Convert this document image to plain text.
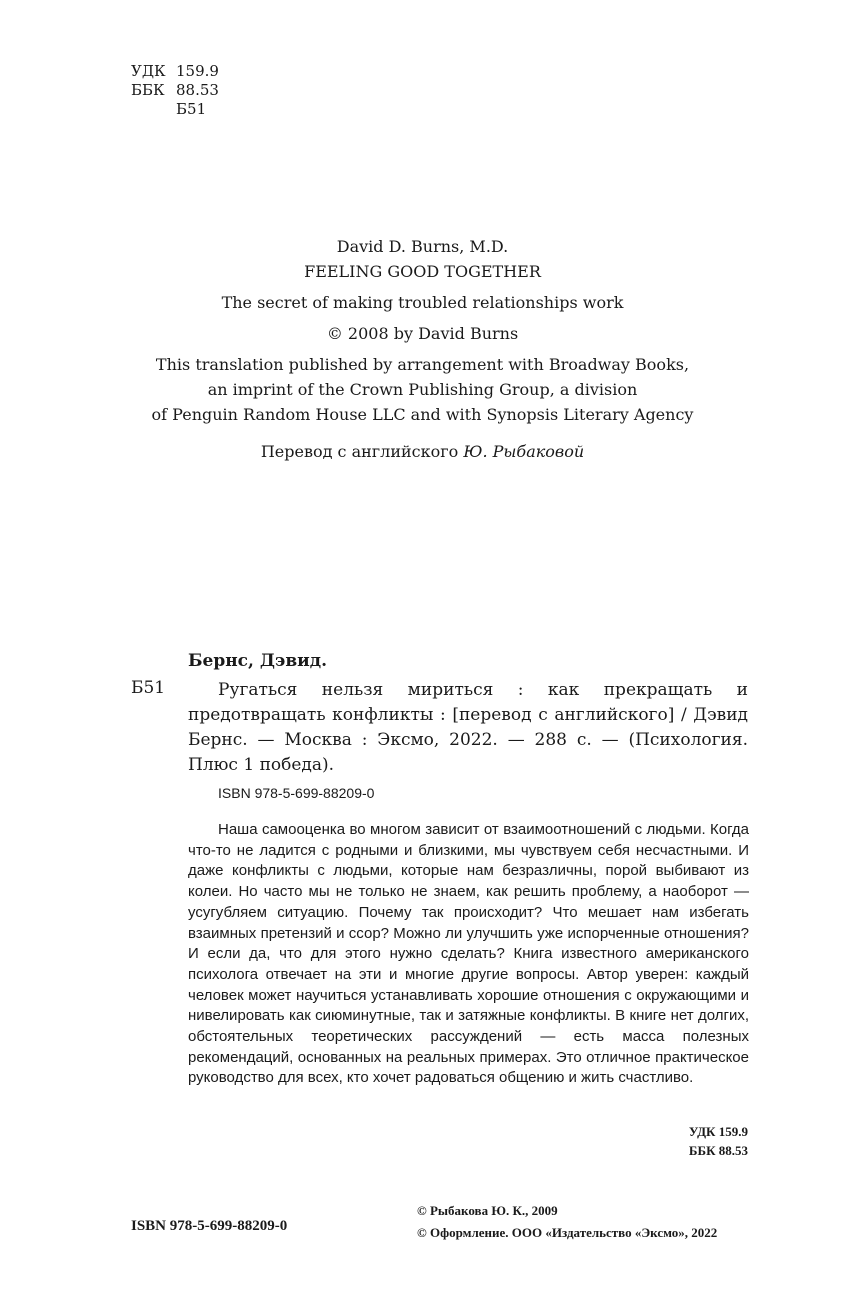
УДК 159.9
ББК 88.53
Б51
David D. Burns, M.D.
FEELING GOOD TOGETHER
The secret of making troubled relationships work
© 2008 by David Burns
This translation published by arrangement with Broadway Books,
an imprint of the Crown Publishing Group, a division
of Penguin Random House LLC and with Synopsis Literary Agency
Перевод с английского Ю. Рыбаковой
Бернс, Дэвид.
Б51	Ругаться нельзя мириться : как прекращать и предотвращать конфликты : [перевод с английского] / Дэвид Бернс. — Москва : Эксмо, 2022. — 288 с. — (Психология. Плюс 1 победа).
ISBN 978-5-699-88209-0
Наша самооценка во многом зависит от взаимоотношений с людьми. Когда что-то не ладится с родными и близкими, мы чувствуем себя несчастными. И даже конфликты с людьми, которые нам безразличны, порой выбивают из колеи. Но часто мы не только не знаем, как решить проблему, а наоборот — усугубляем ситуацию. Почему так происходит? Что мешает нам избегать взаимных претензий и ссор? Можно ли улучшить уже испорченные отношения? И если да, что для этого нужно сделать? Книга известного американского психолога отвечает на эти и многие другие вопросы. Автор уверен: каждый человек может научиться устанавливать хорошие отношения с окружающими и нивелировать как сиюминутные, так и затяжные конфликты. В книге нет долгих, обстоятельных теоретических рассуждений — есть масса полезных рекомендаций, основанных на реальных примерах. Это отличное практическое руководство для всех, кто хочет радоваться общению и жить счастливо.
УДК 159.9
ББК 88.53
© Рыбакова Ю. К., 2009
© Оформление. ООО «Издательство «Эксмо», 2022
ISBN 978-5-699-88209-0
